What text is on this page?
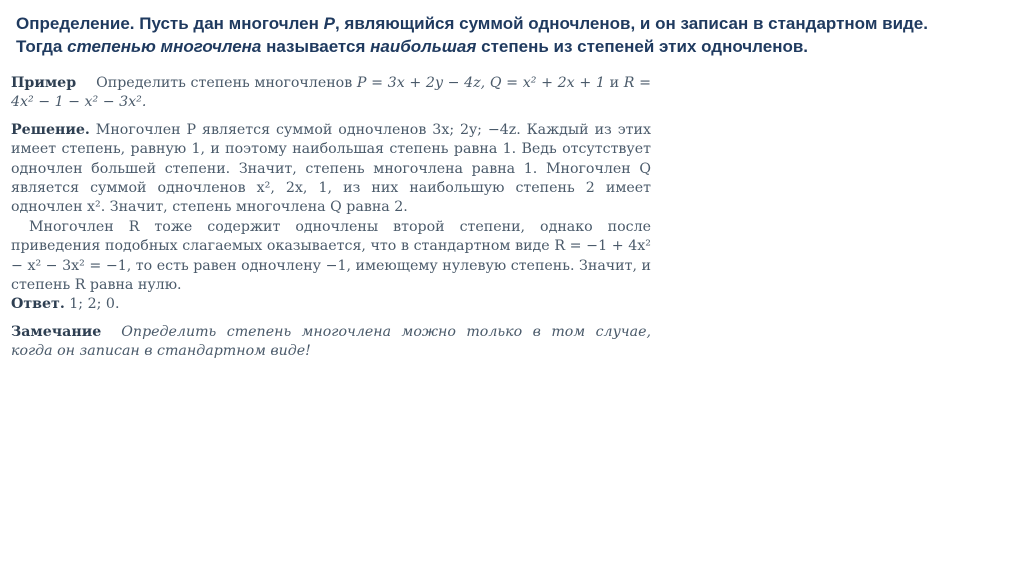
Определение. Пусть дан многочлен P, являющийся суммой одночленов, и он записан в стандартном виде.
Тогда степенью многочлена называется наибольшая степень из степеней этих одночленов.

Пример Определить степень многочленов P = 3x + 2y − 4z, Q = x² + 2x + 1 и R = 4x² − 1 − x² − 3x².

Решение. Многочлен P является суммой одночленов 3x; 2y; −4z. Каждый из этих имеет степень, равную 1, и поэтому наибольшая степень равна 1. Ведь отсутствует одночлен большей степени. Значит, степень многочлена равна 1. Многочлен Q является суммой одночленов x², 2x, 1, из них наибольшую степень 2 имеет одночлен x². Значит, степень многочлена Q равна 2.

Многочлен R тоже содержит одночлены второй степени, однако после приведения подобных слагаемых оказывается, что в стандартном виде R = −1 + 4x² − x² − 3x² = −1, то есть равен одночлену −1, имеющему нулевую степень. Значит, и степень R равна нулю.

Ответ. 1; 2; 0.

Замечание Определить степень многочлена можно только в том случае, когда он записан в стандартном виде!
